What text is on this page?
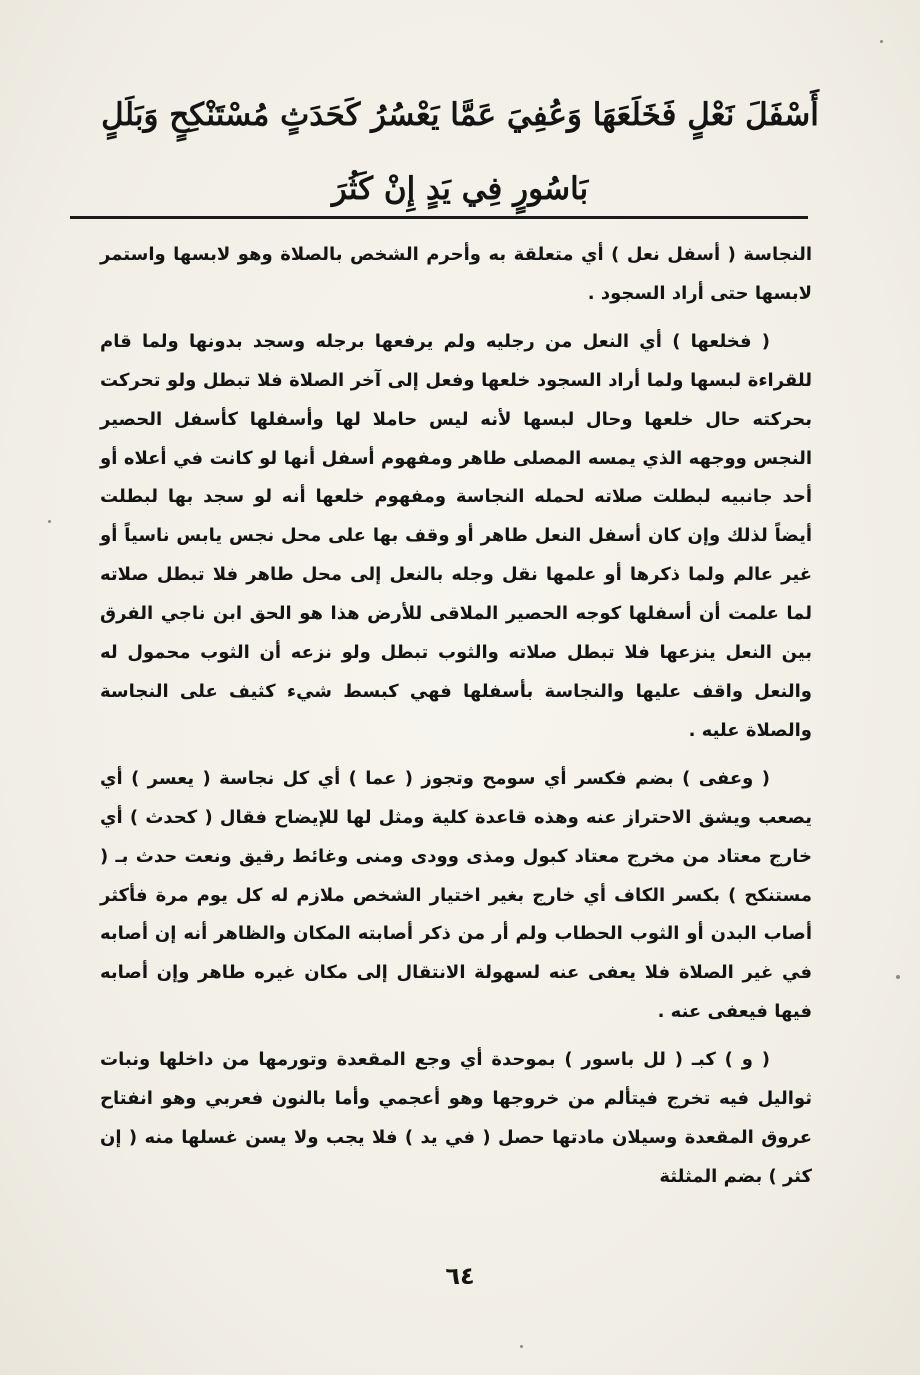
أَسْفَلَ نَعْلٍ فَخَلَعَهَا وَعُفِيَ عَمَّا يَعْسُرُ كَحَدَثٍ مُسْتَنْكِحٍ وَبَلَلٍ
بَاسُورٍ فِي يَدٍ إِنْ كَثُرَ

النجاسة ( أسفل نعل ) أي متعلقة به وأحرم الشخص بالصلاة وهو لابسها واستمر لابسها حتى أراد السجود .

( فخلعها ) أي النعل من رجليه ولم يرفعها برجله وسجد بدونها ولما قام للقراءة لبسها ولما أراد السجود خلعها وفعل إلى آخر الصلاة فلا تبطل ولو تحركت بحركته حال خلعها وحال لبسها لأنه ليس حاملا لها وأسفلها كأسفل الحصير النجس ووجهه الذي يمسه المصلى طاهر ومفهوم أسفل أنها لو كانت في أعلاه أو أحد جانبيه لبطلت صلاته لحمله النجاسة ومفهوم خلعها أنه لو سجد بها لبطلت أيضاً لذلك وإن كان أسفل النعل طاهر أو وقف بها على محل نجس يابس ناسياً أو غير عالم ولما ذكرها أو علمها نقل وجله بالنعل إلى محل طاهر فلا تبطل صلاته لما علمت أن أسفلها كوجه الحصير الملاقى للأرض هذا هو الحق ابن ناجي الفرق بين النعل ينزعها فلا تبطل صلاته والثوب تبطل ولو نزعه أن الثوب محمول له والنعل واقف عليها والنجاسة بأسفلها فهي كبسط شيء كثيف على النجاسة والصلاة عليه .

( وعفى ) بضم فكسر أي سومح وتجوز ( عما ) أي كل نجاسة ( يعسر ) أي يصعب ويشق الاحتراز عنه وهذه قاعدة كلية ومثل لها للإيضاح فقال ( كحدث ) أي خارج معتاد من مخرج معتاد كبول ومذى وودى ومنى وغائط رقيق ونعت حدث بـ ( مستنكح ) بكسر الكاف أي خارج بغير اختيار الشخص ملازم له كل يوم مرة فأكثر أصاب البدن أو الثوب الحطاب ولم أر من ذكر أصابته المكان والظاهر أنه إن أصابه في غير الصلاة فلا يعفى عنه لسهولة الانتقال إلى مكان غيره طاهر وإن أصابه فيها فيعفى عنه .

( و ) كبـ ( لل باسور ) بموحدة أي وجع المقعدة وتورمها من داخلها ونبات ثواليل فيه تخرج فيتألم من خروجها وهو أعجمي وأما بالنون فعربي وهو انفتاح عروق المقعدة وسيلان مادتها حصل ( في يد ) فلا يجب ولا يسن غسلها منه ( إن كثر ) بضم المثلثة

٦٤
